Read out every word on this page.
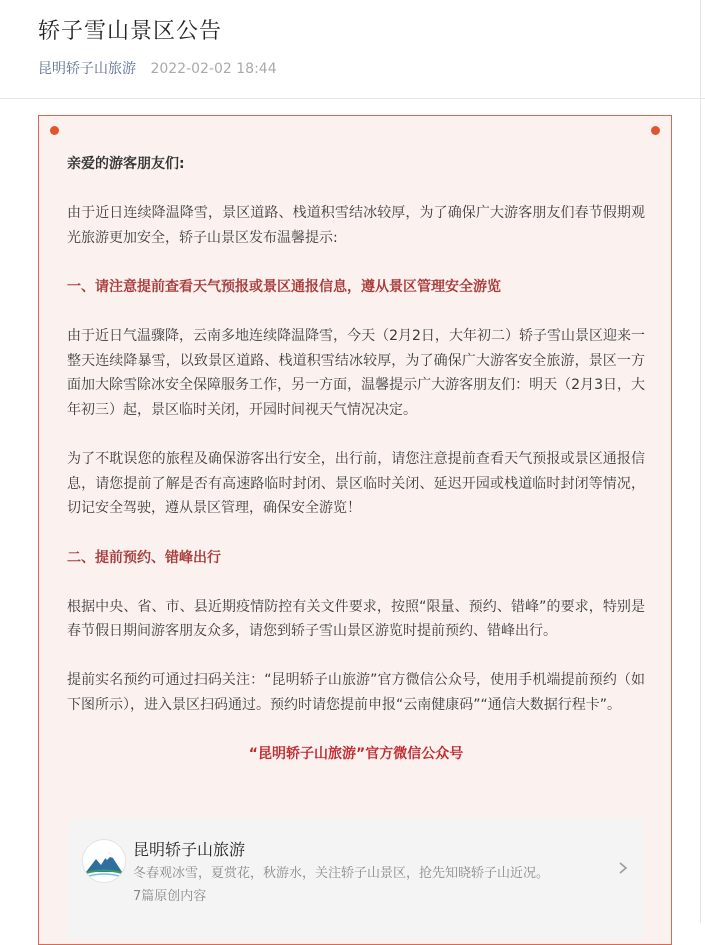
轿子雪山景区公告
昆明轿子山旅游 2022-02-02 18:44

亲爱的游客朋友们:

由于近日连续降温降雪，景区道路、栈道积雪结冰较厚，为了确保广大游客朋友们春节假期观光旅游更加安全，轿子山景区发布温馨提示:

一、请注意提前查看天气预报或景区通报信息，遵从景区管理安全游览

由于近日气温骤降，云南多地连续降温降雪，今天（2月2日，大年初二）轿子雪山景区迎来一整天连续降暴雪，以致景区道路、栈道积雪结冰较厚，为了确保广大游客安全旅游，景区一方面加大除雪除冰安全保障服务工作，另一方面，温馨提示广大游客朋友们：明天（2月3日，大年初三）起，景区临时关闭，开园时间视天气情况决定。

为了不耽误您的旅程及确保游客出行安全，出行前，请您注意提前查看天气预报或景区通报信息，请您提前了解是否有高速路临时封闭、景区临时关闭、延迟开园或栈道临时封闭等情况，切记安全驾驶，遵从景区管理，确保安全游览！

二、提前预约、错峰出行

根据中央、省、市、县近期疫情防控有关文件要求，按照“限量、预约、错峰”的要求，特别是春节假日期间游客朋友众多，请您到轿子雪山景区游览时提前预约、错峰出行。

提前实名预约可通过扫码关注：“昆明轿子山旅游”官方微信公众号，使用手机端提前预约（如下图所示），进入景区扫码通过。预约时请您提前申报“云南健康码”“通信大数据行程卡”。

“昆明轿子山旅游”官方微信公众号

昆明轿子山旅游
冬春观冰雪，夏赏花，秋游水，关注轿子山景区，抢先知晓轿子山近况。
7篇原创内容
